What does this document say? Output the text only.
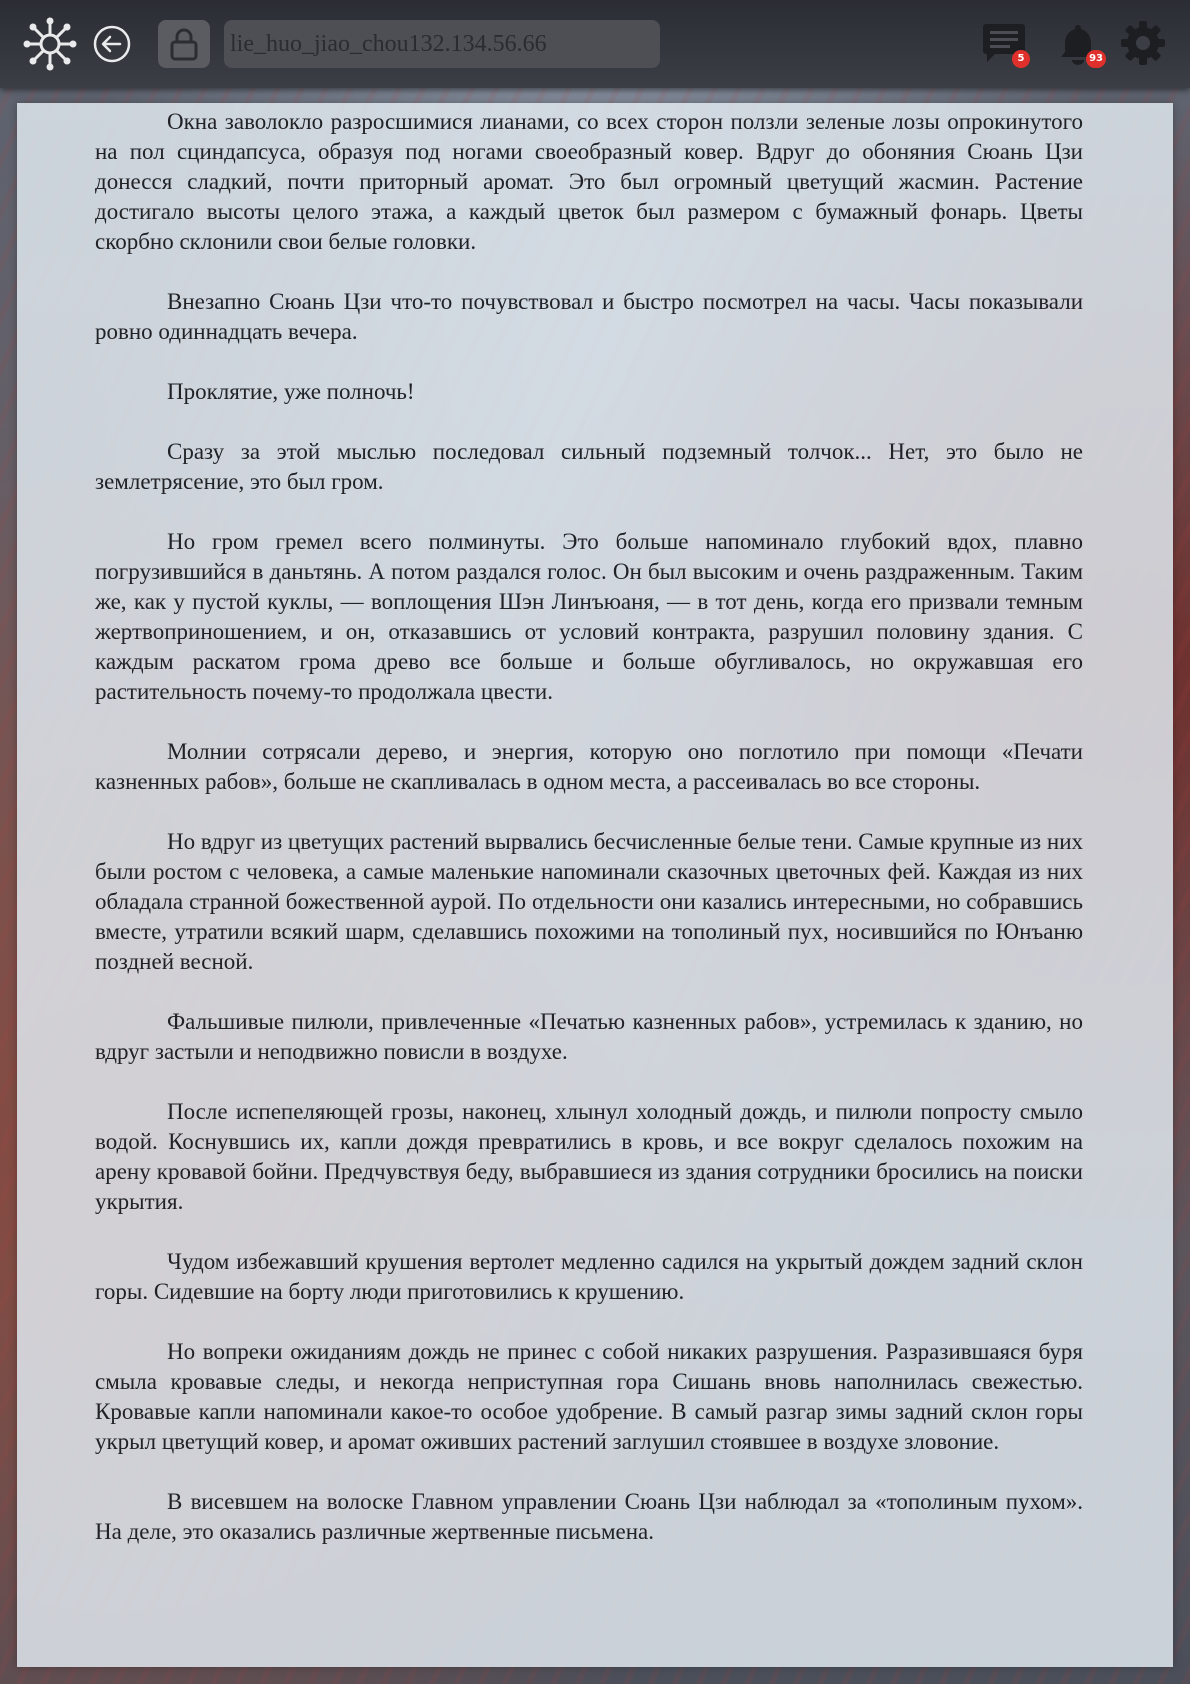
lie_huo_jiao_chou132.134.56.66
5	93

Окна заволокло разросшимися лианами, со всех сторон ползли зеленые лозы опрокинутого на пол сциндапсуса, образуя под ногами своеобразный ковер. Вдруг до обоняния Сюань Цзи донесся сладкий, почти приторный аромат. Это был огромный цветущий жасмин. Растение достигало высоты целого этажа, а каждый цветок был размером с бумажный фонарь. Цветы скорбно склонили свои белые головки.

Внезапно Сюань Цзи что-то почувствовал и быстро посмотрел на часы. Часы показывали ровно одиннадцать вечера.

Проклятие, уже полночь!

Сразу за этой мыслью последовал сильный подземный толчок... Нет, это было не землетрясение, это был гром.

Но гром гремел всего полминуты. Это больше напоминало глубокий вдох, плавно погрузившийся в даньтянь. А потом раздался голос. Он был высоким и очень раздраженным. Таким же, как у пустой куклы, — воплощения Шэн Линъюаня, — в тот день, когда его призвали темным жертвоприношением, и он, отказавшись от условий контракта, разрушил половину здания. С каждым раскатом грома древо все больше и больше обугливалось, но окружавшая его растительность почему-то продолжала цвести.

Молнии сотрясали дерево, и энергия, которую оно поглотило при помощи «Печати казненных рабов», больше не скапливалась в одном места, а рассеивалась во все стороны.

Но вдруг из цветущих растений вырвались бесчисленные белые тени. Самые крупные из них были ростом с человека, а самые маленькие напоминали сказочных цветочных фей. Каждая из них обладала странной божественной аурой. По отдельности они казались интересными, но собравшись вместе, утратили всякий шарм, сделавшись похожими на тополиный пух, носившийся по Юнъаню поздней весной.

Фальшивые пилюли, привлеченные «Печатью казненных рабов», устремилась к зданию, но вдруг застыли и неподвижно повисли в воздухе.

После испепеляющей грозы, наконец, хлынул холодный дождь, и пилюли попросту смыло водой. Коснувшись их, капли дождя превратились в кровь, и все вокруг сделалось похожим на арену кровавой бойни. Предчувствуя беду, выбравшиеся из здания сотрудники бросились на поиски укрытия.

Чудом избежавший крушения вертолет медленно садился на укрытый дождем задний склон горы. Сидевшие на борту люди приготовились к крушению.

Но вопреки ожиданиям дождь не принес с собой никаких разрушения. Разразившаяся буря смыла кровавые следы, и некогда неприступная гора Сишань вновь наполнилась свежестью. Кровавые капли напоминали какое-то особое удобрение. В самый разгар зимы задний склон горы укрыл цветущий ковер, и аромат оживших растений заглушил стоявшее в воздухе зловоние.

В висевшем на волоске Главном управлении Сюань Цзи наблюдал за «тополиным пухом». На деле, это оказались различные жертвенные письмена.
